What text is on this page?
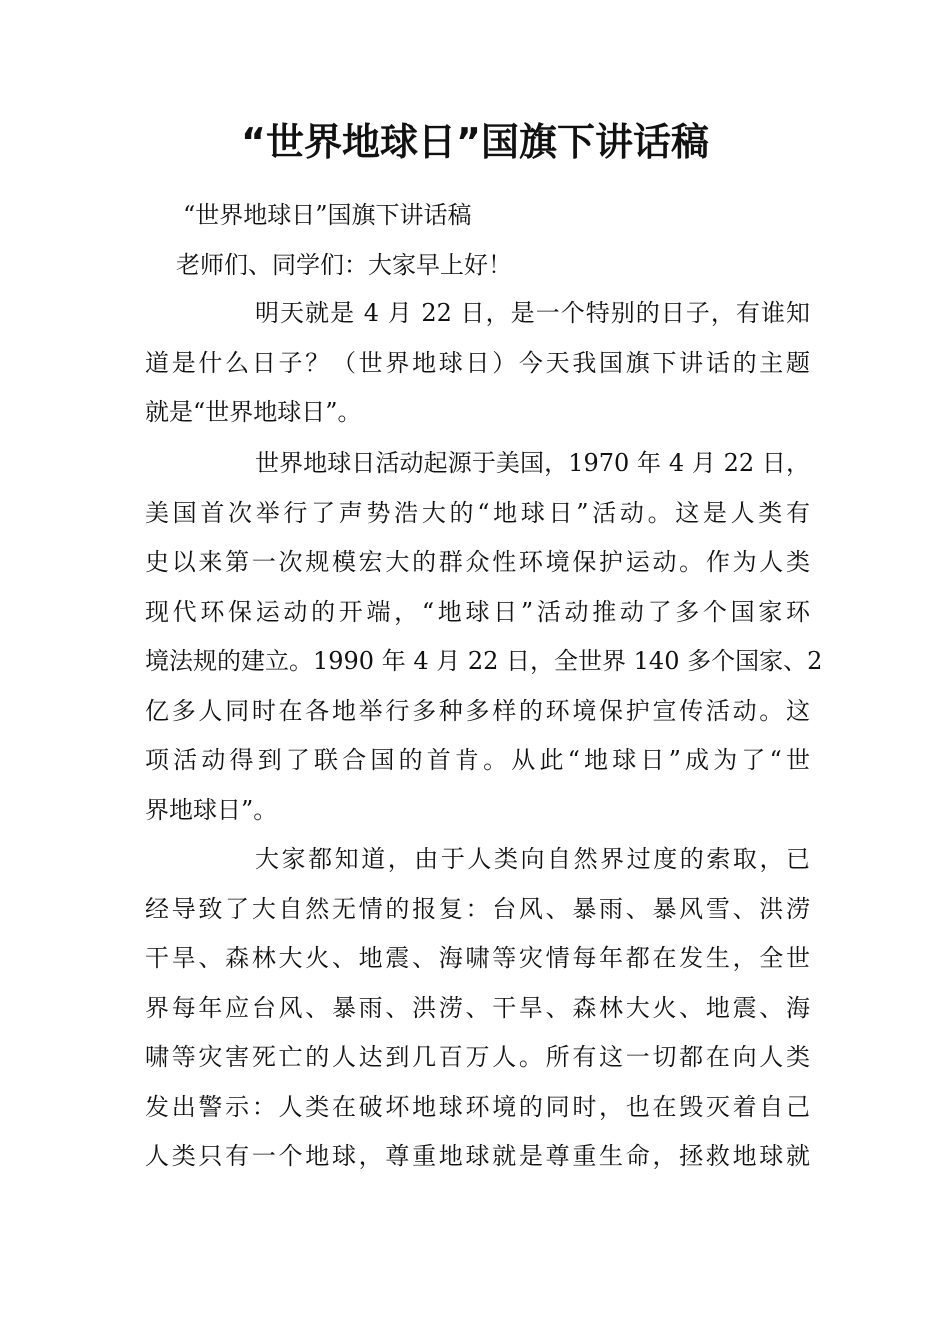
“世界地球日”国旗下讲话稿

“世界地球日”国旗下讲话稿

老师们、同学们：大家早上好！

明天就是 4 月 22 日，是一个特别的日子，有谁知
道是什么日子？（世界地球日）今天我国旗下讲话的主题
就是“世界地球日”。
世界地球日活动起源于美国，1970 年 4 月 22 日，
美国首次举行了声势浩大的“地球日”活动。这是人类有
史以来第一次规模宏大的群众性环境保护运动。作为人类
现代环保运动的开端，“地球日”活动推动了多个国家环
境法规的建立。1990 年 4 月 22 日，全世界 140 多个国家、2
亿多人同时在各地举行多种多样的环境保护宣传活动。这
项活动得到了联合国的首肯。从此“地球日”成为了“世
界地球日”。
大家都知道，由于人类向自然界过度的索取，已
经导致了大自然无情的报复：台风、暴雨、暴风雪、洪涝
干旱、森林大火、地震、海啸等灾情每年都在发生，全世
界每年应台风、暴雨、洪涝、干旱、森林大火、地震、海
啸等灾害死亡的人达到几百万人。所有这一切都在向人类
发出警示：人类在破坏地球环境的同时，也在毁灭着自己
人类只有一个地球，尊重地球就是尊重生命，拯救地球就
